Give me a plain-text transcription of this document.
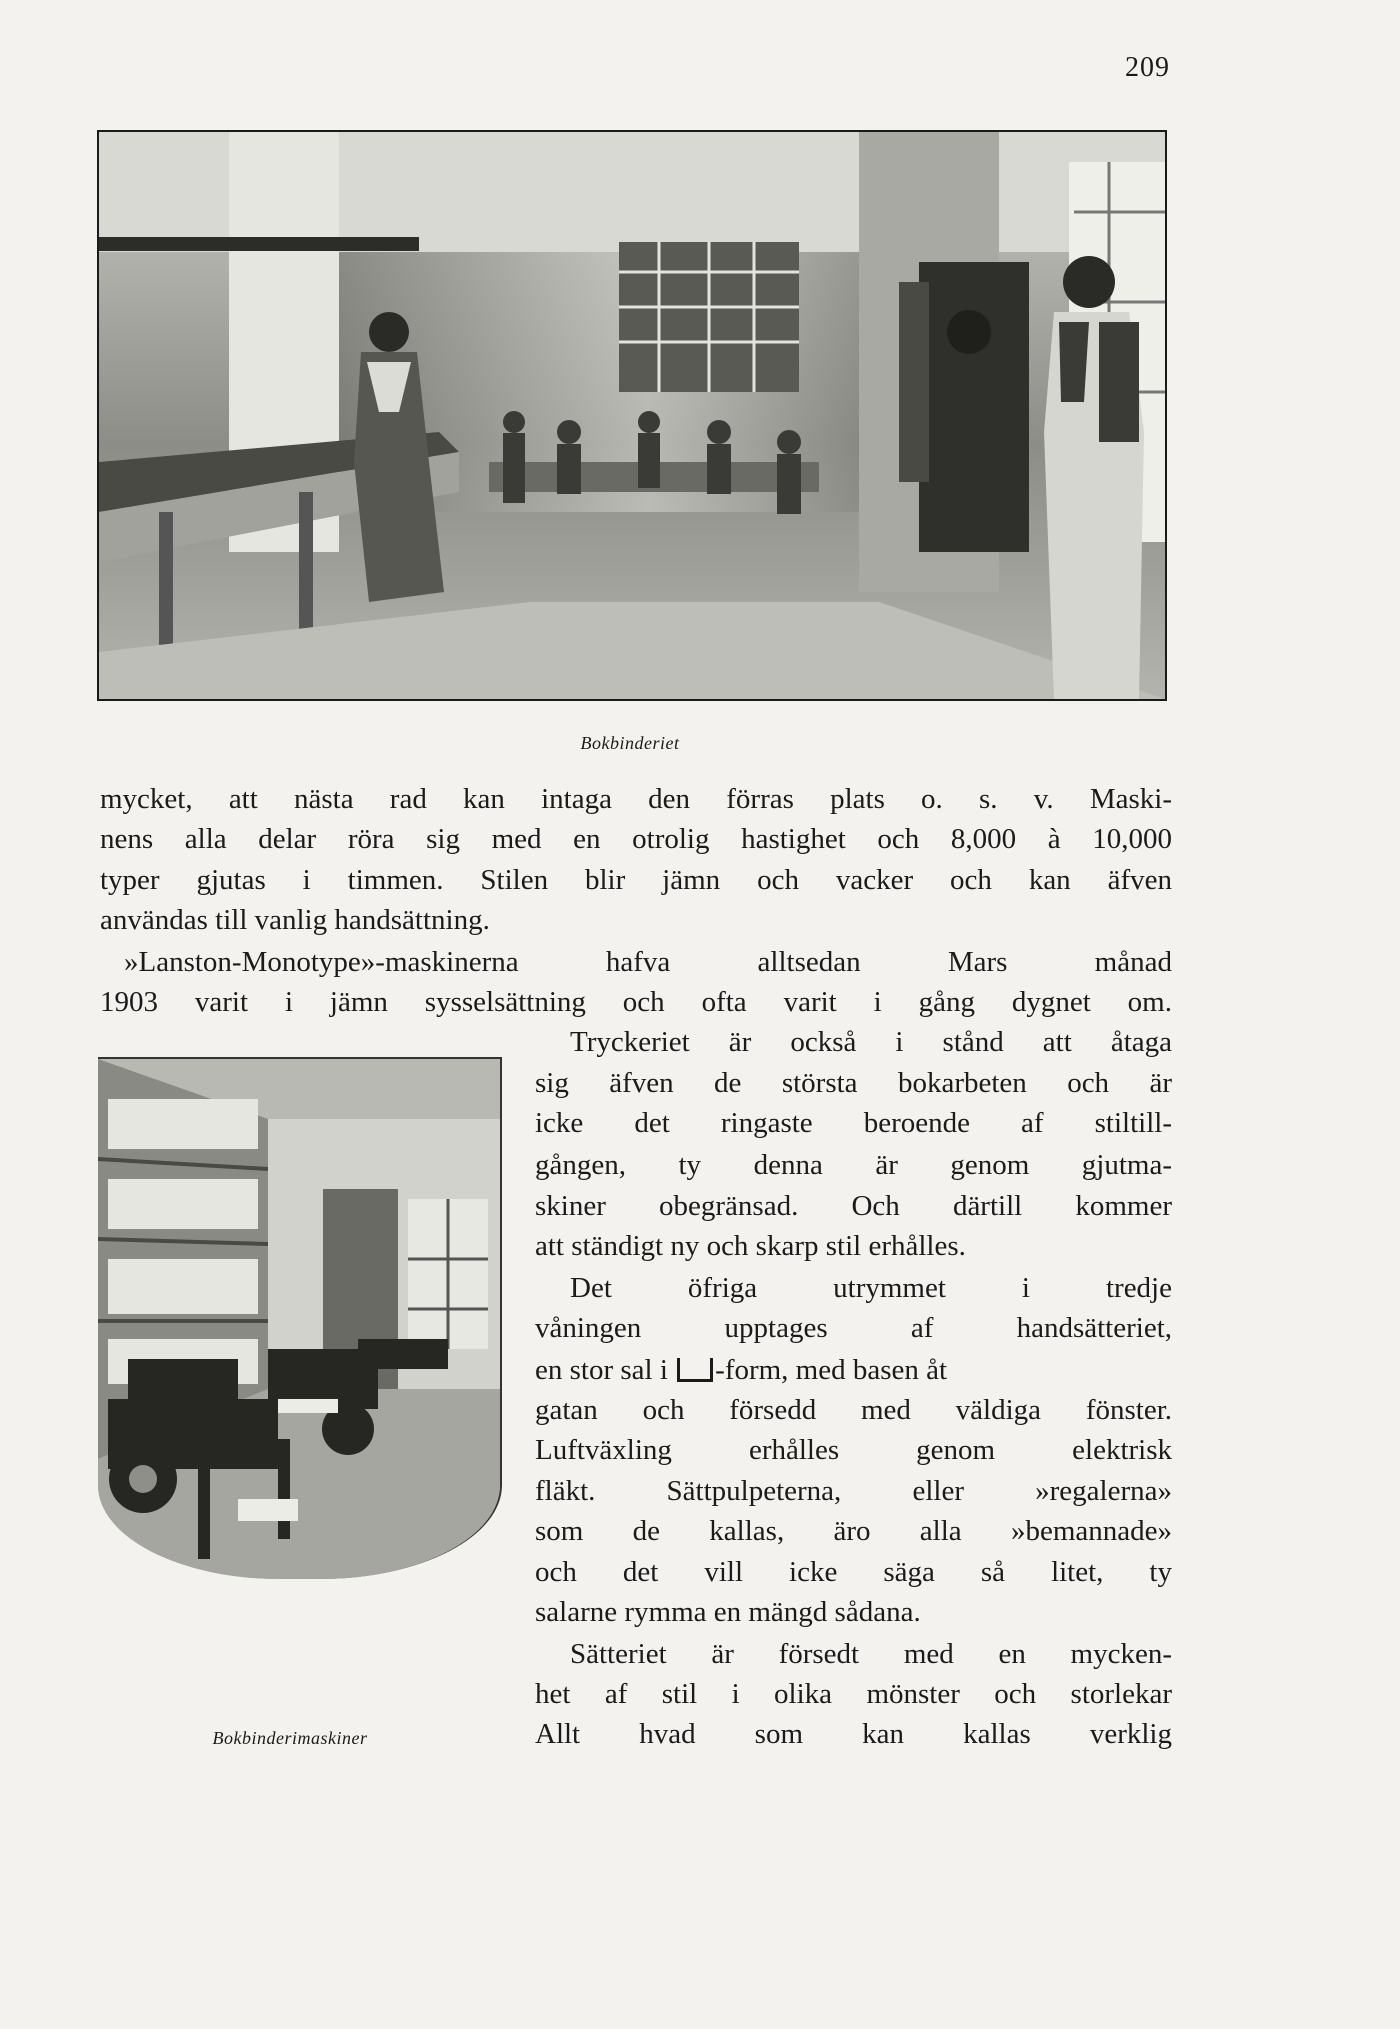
209
Bokbinderiet
mycket, att nästa rad kan intaga den förras plats o. s. v. Maski-
nens alla delar röra sig med en otrolig hastighet och 8,000 à 10,000
typer gjutas i timmen. Stilen blir jämn och vacker och kan äfven
användas till vanlig handsättning.
»Lanston-Monotype»-maskinerna hafva alltsedan Mars månad
1903 varit i jämn sysselsättning och ofta varit i gång dygnet om.
Bokbinderimaskiner
Tryckeriet är också i stånd att åtaga
sig äfven de största bokarbeten och är
icke det ringaste beroende af stiltill-
gången, ty denna är genom gjutma-
skiner obegränsad. Och därtill kommer
att ständigt ny och skarp stil erhålles.
Det öfriga utrymmet i tredje
våningen upptages af handsätteriet,
en stor sal i -form, med basen åt
gatan och försedd med väldiga fönster.
Luftväxling erhålles genom elektrisk
fläkt. Sättpulpeterna, eller »regalerna»
som de kallas, äro alla »bemannade»
och det vill icke säga så litet, ty
salarne rymma en mängd sådana.
Sätteriet är försedt med en mycken-
het af stil i olika mönster och storlekar
Allt hvad som kan kallas verklig
